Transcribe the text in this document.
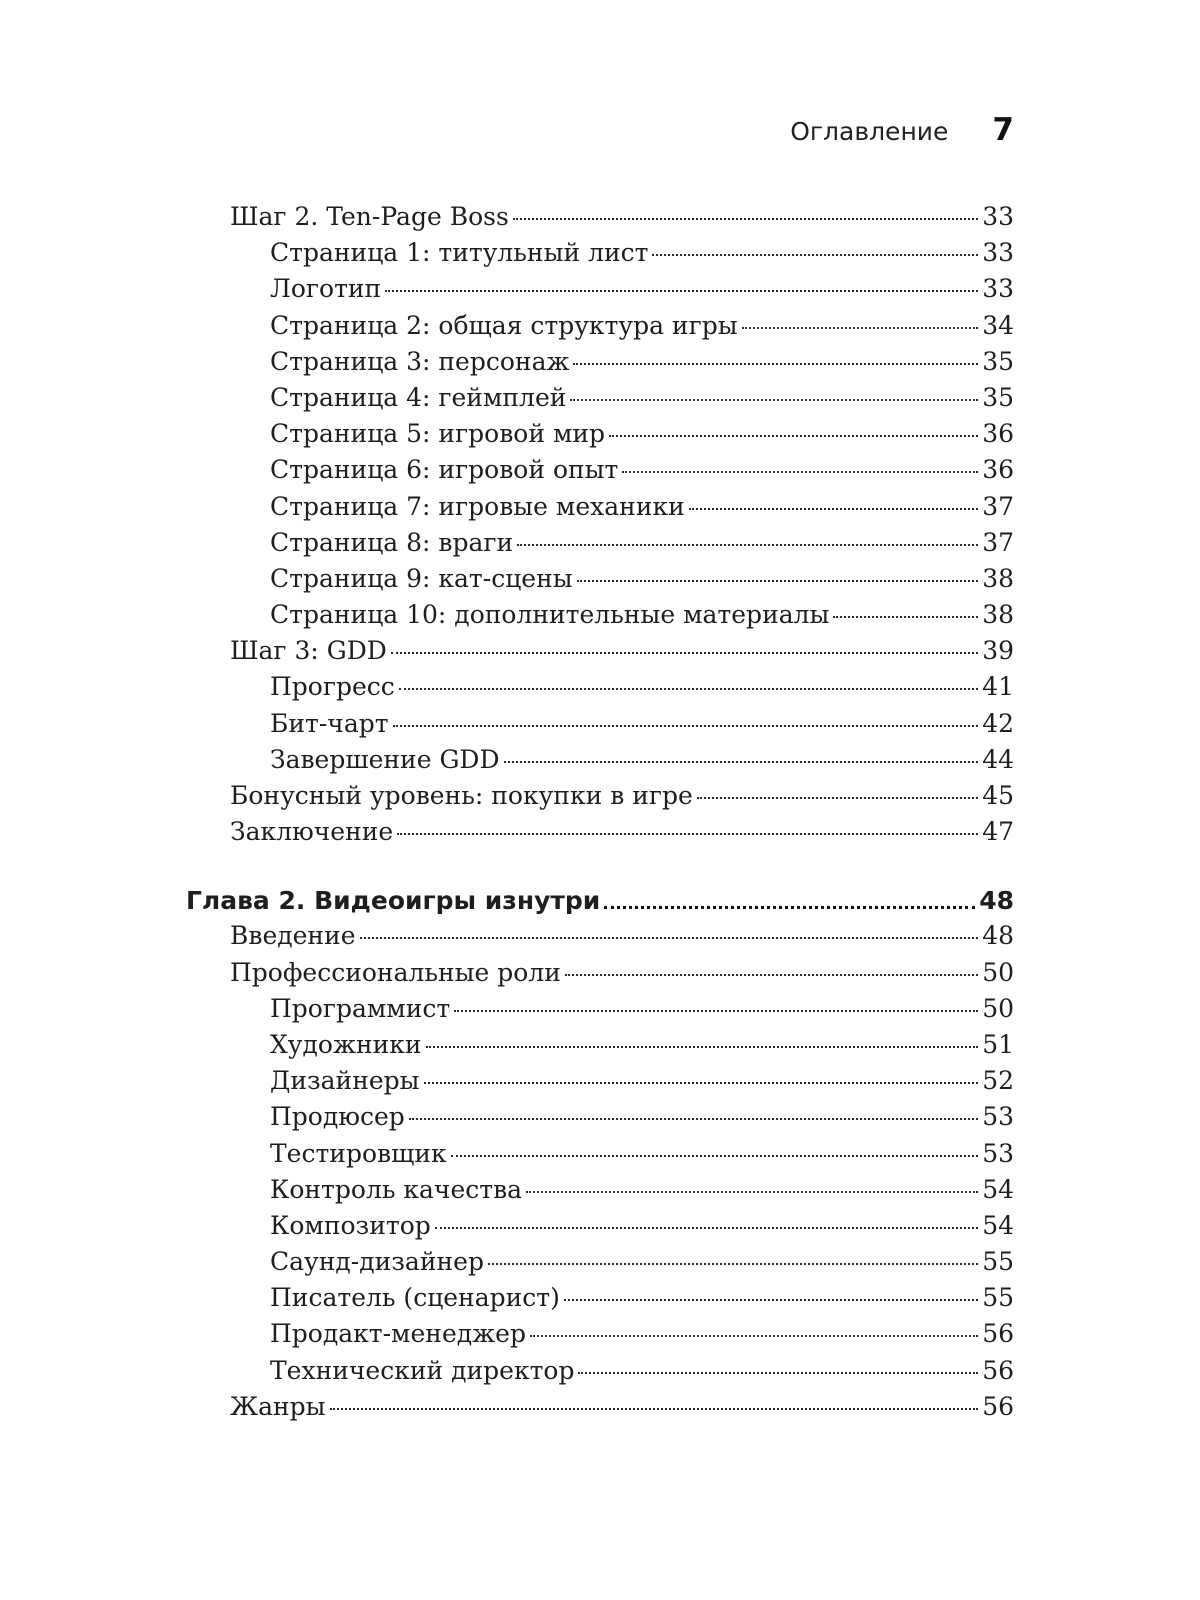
Оглавление 7
Шаг 2. Ten-Page Boss	33
Страница 1: титульный лист	33
Логотип	33
Страница 2: общая структура игры	34
Страница 3: персонаж	35
Страница 4: геймплей	35
Страница 5: игровой мир	36
Страница 6: игровой опыт	36
Страница 7: игровые механики	37
Страница 8: враги	37
Страница 9: кат-сцены	38
Страница 10: дополнительные материалы	38
Шаг 3: GDD	39
Прогресс	41
Бит-чарт	42
Завершение GDD	44
Бонусный уровень: покупки в игре	45
Заключение	47
Глава 2. Видеоигры изнутри	48
Введение	48
Профессиональные роли	50
Программист	50
Художники	51
Дизайнеры	52
Продюсер	53
Тестировщик	53
Контроль качества	54
Композитор	54
Саунд-дизайнер	55
Писатель (сценарист)	55
Продакт-менеджер	56
Технический директор	56
Жанры	56
